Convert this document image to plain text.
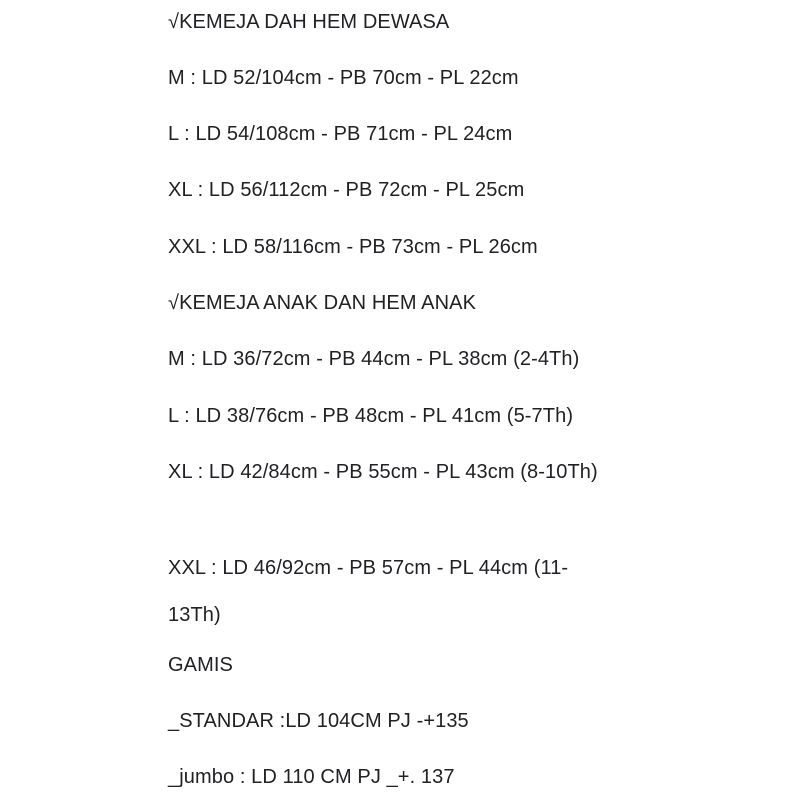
√KEMEJA DAH HEM DEWASA
M : LD 52/104cm - PB 70cm - PL 22cm
L : LD 54/108cm - PB 71cm - PL 24cm
XL : LD 56/112cm - PB 72cm - PL 25cm
XXL : LD 58/116cm - PB 73cm - PL 26cm
√KEMEJA ANAK DAN HEM ANAK
M : LD 36/72cm - PB 44cm - PL 38cm (2-4Th)
L : LD 38/76cm - PB 48cm - PL 41cm (5-7Th)
XL : LD 42/84cm - PB 55cm - PL 43cm (8-10Th)
XXL : LD 46/92cm - PB 57cm - PL 44cm (11-13Th)
GAMIS
_STANDAR :LD 104CM PJ -+135
_jumbo : LD 110 CM PJ _+. 137
